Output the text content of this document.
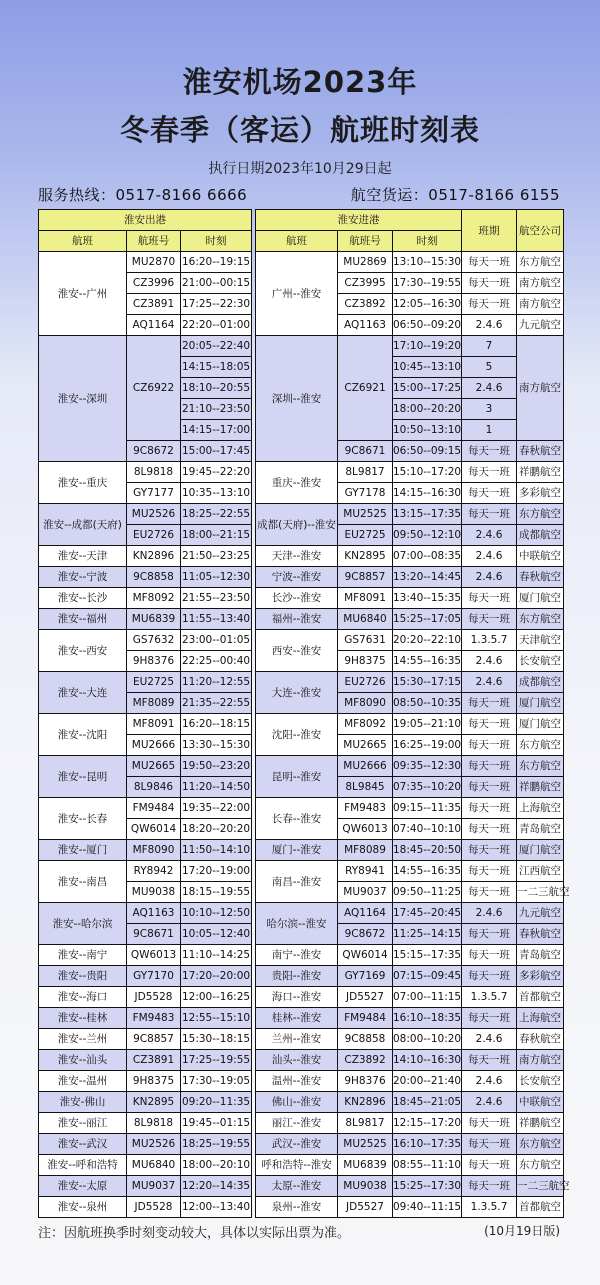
淮安机场2023年
冬春季（客运）航班时刻表
执行日期2023年10月29日起
服务热线：0517-8166 6666	航空货运：0517-8166 6155
淮安出港		
航班	航班号	时刻
淮安--广州	MU2870	16:20--19:15
	CZ3996	21:00--00:15
	CZ3891	17:25--22:30
	AQ1164	22:20--01:00
淮安--深圳	CZ6922	20:05--22:40
		14:15--18:05
		18:10--20:55
		21:10--23:50
		14:15--17:00
	9C8672	15:00--17:45
淮安--重庆	8L9818	19:45--22:20
	GY7177	10:35--13:10
淮安--成都(天府)	MU2526	18:25--22:55
	EU2726	18:00--21:15
淮安--天津	KN2896	21:50--23:25
淮安--宁波	9C8858	11:05--12:30
淮安--长沙	MF8092	21:55--23:50
淮安--福州	MU6839	11:55--13:40
淮安--西安	GS7632	23:00--01:05
	9H8376	22:25--00:40
淮安--大连	EU2725	11:20--12:55
	MF8089	21:35--22:55
淮安--沈阳	MF8091	16:20--18:15
	MU2666	13:30--15:30
淮安--昆明	MU2665	19:50--23:20
	8L9846	11:20--14:50
淮安--长春	FM9484	19:35--22:00
	QW6014	18:20--20:20
淮安--厦门	MF8090	11:50--14:10
淮安--南昌	RY8942	17:20--19:00
	MU9038	18:15--19:55
淮安--哈尔滨	AQ1163	10:10--12:50
	9C8671	10:05--12:40
淮安--南宁	QW6013	11:10--14:25
淮安--贵阳	GY7170	17:20--20:00
淮安--海口	JD5528	12:00--16:25
淮安--桂林	FM9483	12:55--15:10
淮安--兰州	9C8857	15:30--18:15
淮安--汕头	CZ3891	17:25--19:55
淮安--温州	9H8375	17:30--19:05
淮安-佛山	KN2895	09:20--11:35
淮安--丽江	8L9818	19:45--01:15
淮安--武汉	MU2526	18:25--19:55
淮安--呼和浩特	MU6840	18:00--20:10
淮安--太原	MU9037	12:20--14:35
淮安--泉州	JD5528	12:00--13:40
淮安进港			班期	航空公司
航班	航班号	时刻		
广州--淮安	MU2869	13:10--15:30	每天一班	东方航空
	CZ3995	17:30--19:55	每天一班	南方航空
	CZ3892	12:05--16:30	每天一班	南方航空
	AQ1163	06:50--09:20	2.4.6	九元航空
深圳--淮安	CZ6921	17:10--19:20	7	南方航空
		10:45--13:10	5	
		15:00--17:25	2.4.6	
		18:00--20:20	3	
		10:50--13:10	1	
	9C8671	06:50--09:15	每天一班	春秋航空
重庆--淮安	8L9817	15:10--17:20	每天一班	祥鹏航空
	GY7178	14:15--16:30	每天一班	多彩航空
成都(天府)--淮安	MU2525	13:15--17:35	每天一班	东方航空
	EU2725	09:50--12:10	2.4.6	成都航空
天津--淮安	KN2895	07:00--08:35	2.4.6	中联航空
宁波--淮安	9C8857	13:20--14:45	2.4.6	春秋航空
长沙--淮安	MF8091	13:40--15:35	每天一班	厦门航空
福州--淮安	MU6840	15:25--17:05	每天一班	东方航空
西安--淮安	GS7631	20:20--22:10	1.3.5.7	天津航空
	9H8375	14:55--16:35	2.4.6	长安航空
大连--淮安	EU2726	15:30--17:15	2.4.6	成都航空
	MF8090	08:50--10:35	每天一班	厦门航空
沈阳--淮安	MF8092	19:05--21:10	每天一班	厦门航空
	MU2665	16:25--19:00	每天一班	东方航空
昆明--淮安	MU2666	09:35--12:30	每天一班	东方航空
	8L9845	07:35--10:20	每天一班	祥鹏航空
长春--淮安	FM9483	09:15--11:35	每天一班	上海航空
	QW6013	07:40--10:10	每天一班	青岛航空
厦门--淮安	MF8089	18:45--20:50	每天一班	厦门航空
南昌--淮安	RY8941	14:55--16:35	每天一班	江西航空
	MU9037	09:50--11:25	每天一班	一二三航空
哈尔滨--淮安	AQ1164	17:45--20:45	2.4.6	九元航空
	9C8672	11:25--14:15	每天一班	春秋航空
南宁--淮安	QW6014	15:15--17:35	每天一班	青岛航空
贵阳--淮安	GY7169	07:15--09:45	每天一班	多彩航空
海口--淮安	JD5527	07:00--11:15	1.3.5.7	首都航空
桂林--淮安	FM9484	16:10--18:35	每天一班	上海航空
兰州--淮安	9C8858	08:00--10:20	2.4.6	春秋航空
汕头--淮安	CZ3892	14:10--16:30	每天一班	南方航空
温州--淮安	9H8376	20:00--21:40	2.4.6	长安航空
佛山--淮安	KN2896	18:45--21:05	2.4.6	中联航空
丽江--淮安	8L9817	12:15--17:20	每天一班	祥鹏航空
武汉--淮安	MU2525	16:10--17:35	每天一班	东方航空
呼和浩特--淮安	MU6839	08:55--11:10	每天一班	东方航空
太原--淮安	MU9038	15:25--17:30	每天一班	一二三航空
泉州--淮安	JD5527	09:40--11:15	1.3.5.7	首都航空
注：因航班换季时刻变动较大，具体以实际出票为准。	(10月19日版)
